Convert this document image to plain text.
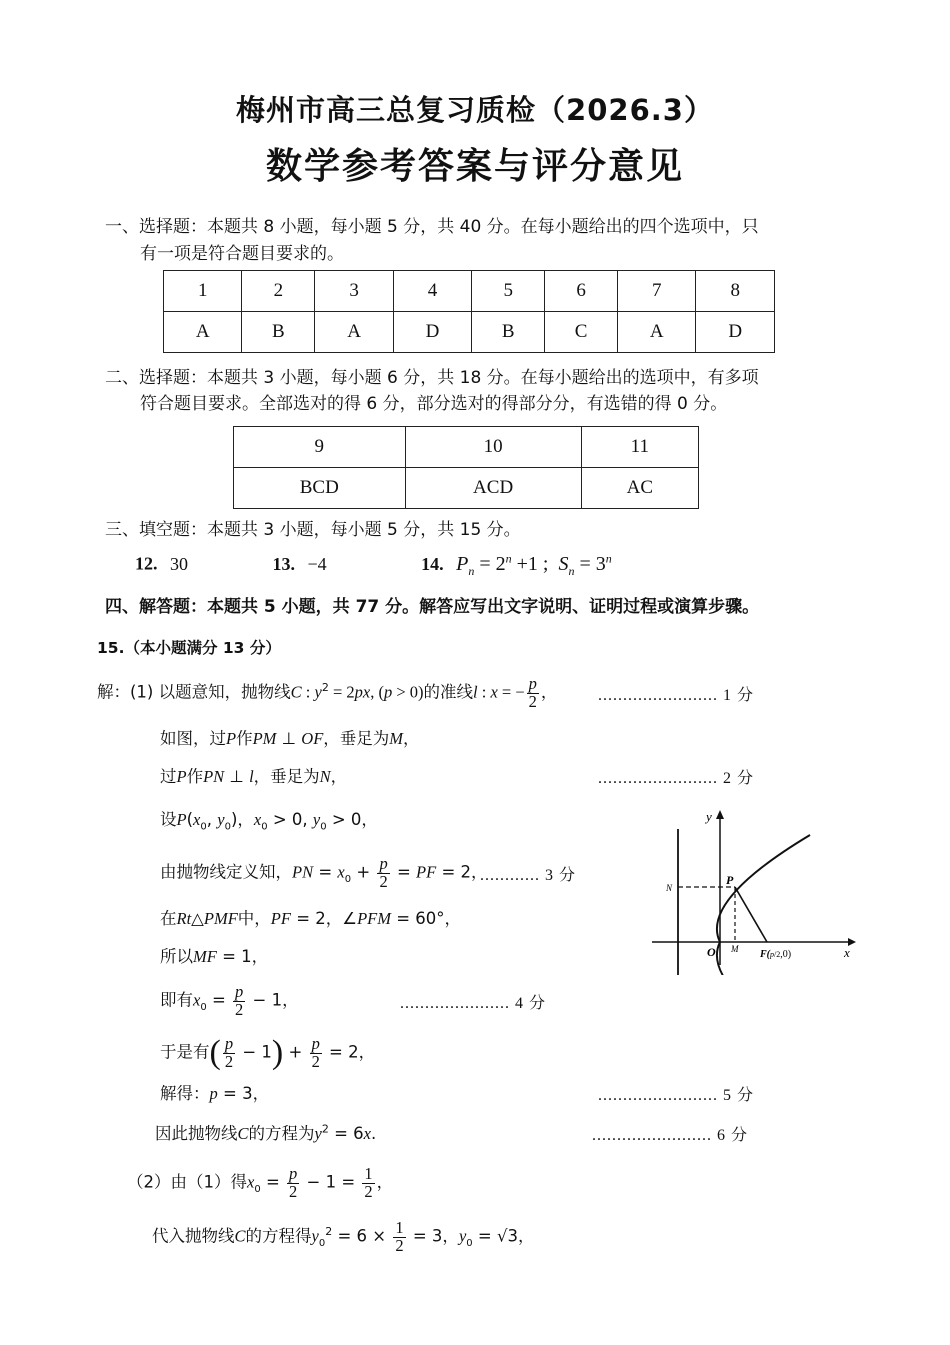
梅州市高三总复习质检（2026.3）
数学参考答案与评分意见
一、选择题：本题共 8 小题，每小题 5 分，共 40 分。在每小题给出的四个选项中，只
有一项是符合题目要求的。
1	2	3	4	5	6	7	8
A	B	A	D	B	C	A	D
二、选择题：本题共 3 小题，每小题 6 分，共 18 分。在每小题给出的选项中，有多项
符合题目要求。全部选对的得 6 分，部分选对的得部分分，有选错的得 0 分。
9	10	11
BCD	ACD	AC
三、填空题：本题共 3 小题，每小题 5 分，共 15 分。
12. 30	13. −4	14. $P_n = 2^n +1$ ;  $S_n = 3^n$
四、解答题：本题共 5 小题，共 77 分。解答应写出文字说明、证明过程或演算步骤。
15.（本小题满分 13 分）
解：(1) 以题意知，抛物线C : $y^2 = 2px$, (p > 0)的准线l : x = − $\frac{p}{2}$ ，	........................ 1 分
如图，过P作PM ⊥ OF，垂足为M，
过P作PN ⊥ l，垂足为N，	........................ 2 分
设$P(x_0$, $y_0$)，$x_0 > 0$, $y_0 > 0$，
由抛物线定义知，PN = $x_0 + \frac{p}{2}$ = PF = 2，
............ 3 分
在Rt△PMF中，PF = 2，∠PFM = 60°，
所以MF = 1，
即有$x_0 = \frac{p}{2} - 1$，	...................... 4 分
于是有( $\frac{p}{2} - 1) + \frac{p}{2} = 2$，
解得：p = 3，	........................ 5 分
因此抛物线C的方程为$y^2 = 6x$.	........................ 6 分
（2）由（1）得$x_0 = \frac{p}{2} - 1 = \frac{1}{2}$ ，
代入抛物线C的方程得$y_0^2 = 6 \times \frac{1}{2} = 3$，$y_0 = √3$，
y
x
O
P
N
M F(p/2,0)
